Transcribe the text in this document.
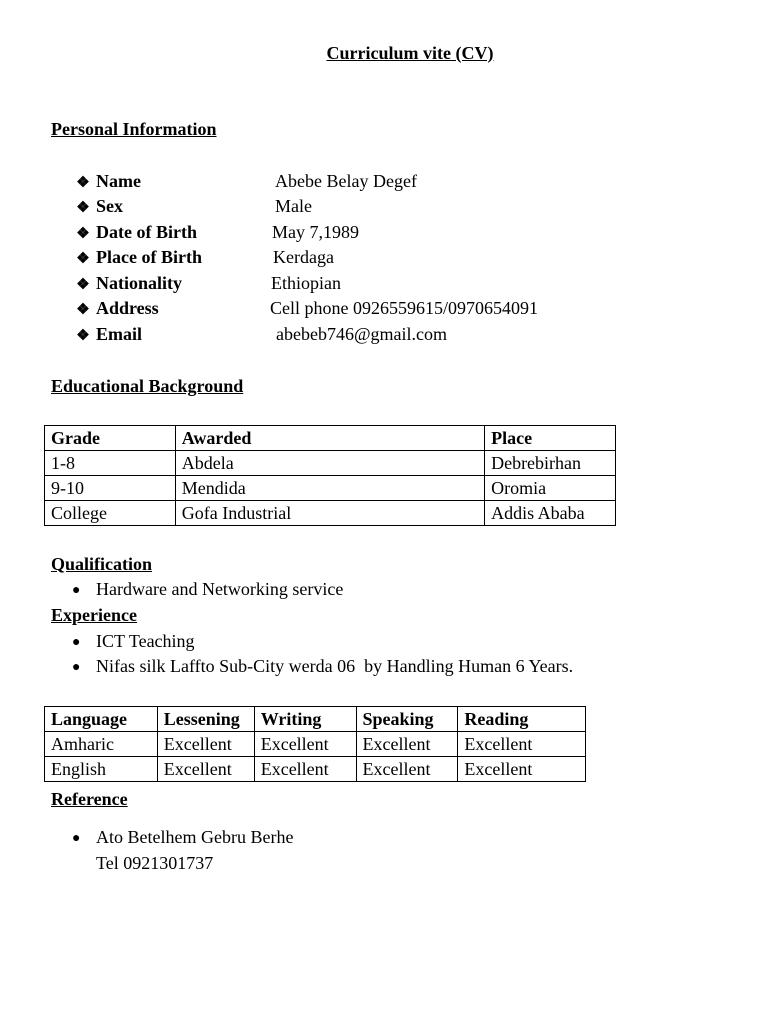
Curriculum vite (CV)
Personal Information
❖ Name	Abebe Belay Degef
❖ Sex	Male
❖ Date of Birth	May 7,1989
❖ Place of Birth	Kerdaga
❖ Nationality	Ethiopian
❖ Address	Cell phone 0926559615/0970654091
❖ Email	abebeb746@gmail.com
Educational Background
Grade	Awarded	Place
1-8	Abdela	Debrebirhan
9-10	Mendida	Oromia
College	Gofa Industrial	Addis Ababa
Qualification
● Hardware and Networking service
Experience
● ICT Teaching
● Nifas silk Laffto Sub-City werda 06  by Handling Human 6 Years.
Language	Lessening	Writing	Speaking	Reading
Amharic	Excellent	Excellent	Excellent	Excellent
English	Excellent	Excellent	Excellent	Excellent
Reference
● Ato Betelhem Gebru Berhe
Tel 0921301737
